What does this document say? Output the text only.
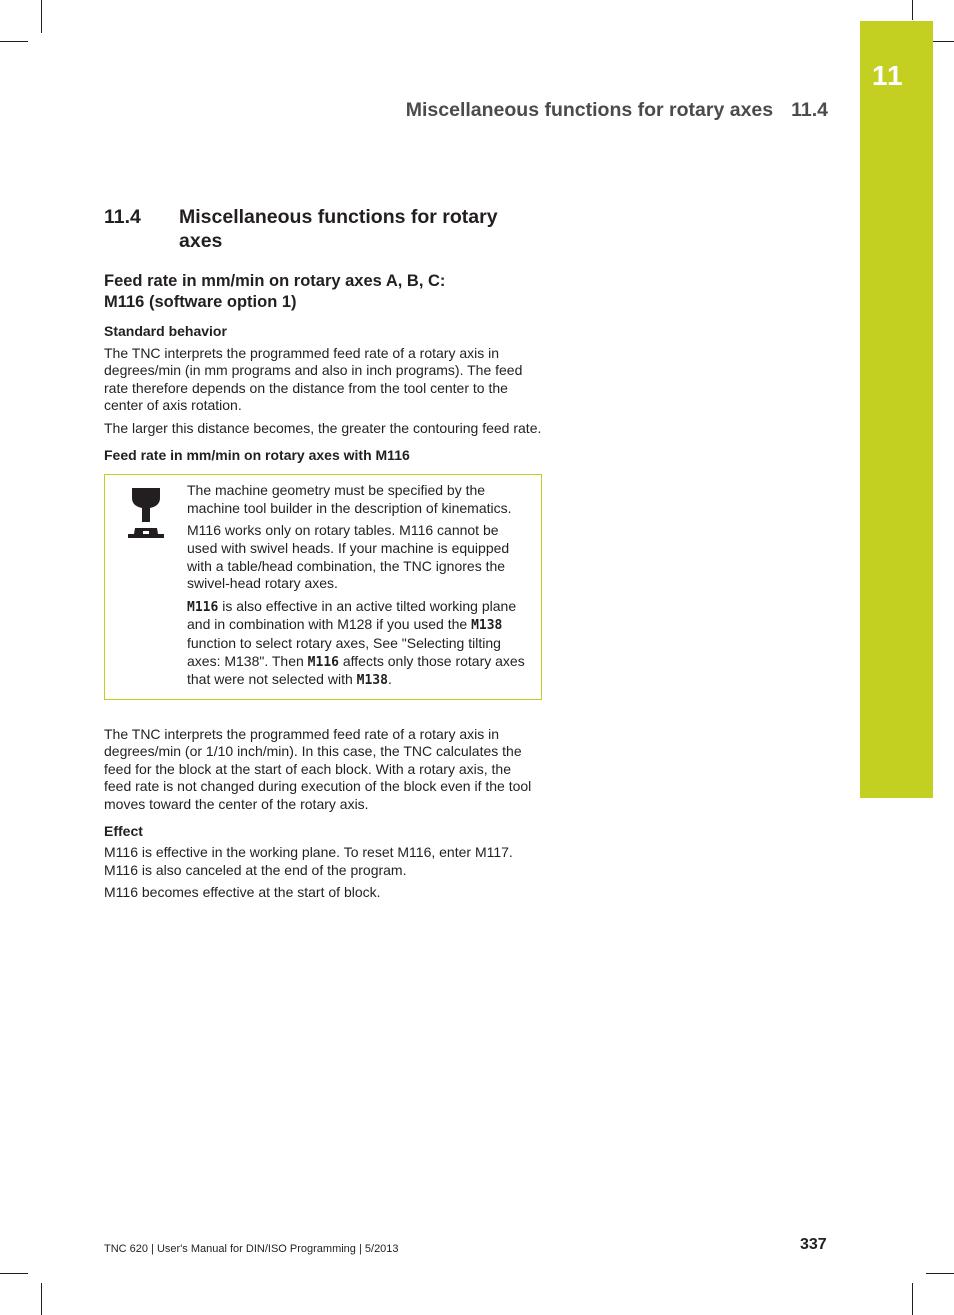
11
Miscellaneous functions for rotary axes 11.4
11.4	Miscellaneous functions for rotary
axes
Feed rate in mm/min on rotary axes A, B, C:
M116 (software option 1)
Standard behavior

The TNC interprets the programmed feed rate of a rotary axis in degrees/min (in mm programs and also in inch programs). The feed rate therefore depends on the distance from the tool center to the center of axis rotation.

The larger this distance becomes, the greater the contouring feed rate.

Feed rate in mm/min on rotary axes with M116

The machine geometry must be specified by the machine tool builder in the description of kinematics.

M116 works only on rotary tables. M116 cannot be used with swivel heads. If your machine is equipped with a table/head combination, the TNC ignores the swivel-head rotary axes.

M116 is also effective in an active tilted working plane and in combination with M128 if you used the M138 function to select rotary axes, See "Selecting tilting axes: M138". Then M116 affects only those rotary axes that were not selected with M138.

The TNC interprets the programmed feed rate of a rotary axis in degrees/min (or 1/10 inch/min). In this case, the TNC calculates the feed for the block at the start of each block. With a rotary axis, the feed rate is not changed during execution of the block even if the tool moves toward the center of the rotary axis.

Effect

M116 is effective in the working plane. To reset M116, enter M117. M116 is also canceled at the end of the program.

M116 becomes effective at the start of block.

TNC 620 | User's Manual for DIN/ISO Programming | 5/2013	337
